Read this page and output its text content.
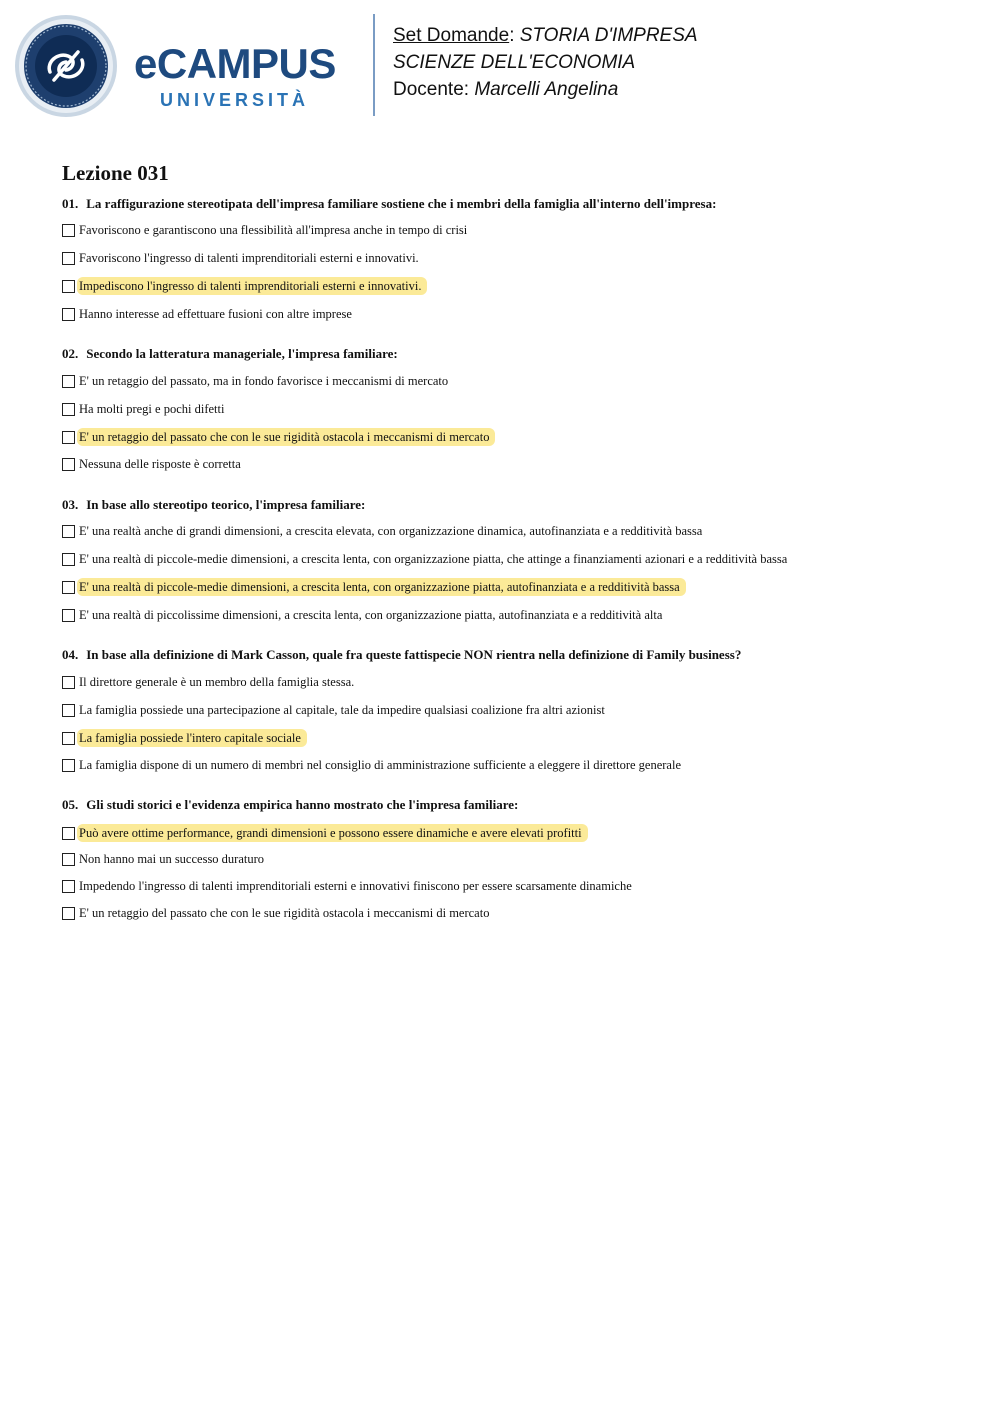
eCAMPUS
UNIVERSITÀ
Set Domande: STORIA D'IMPRESA
SCIENZE DELL'ECONOMIA
Docente: Marcelli Angelina
Lezione 031
01. La raffigurazione stereotipata dell'impresa familiare sostiene che i membri della famiglia all'interno dell'impresa:
Favoriscono e garantiscono una flessibilità all'impresa anche in tempo di crisi
Favoriscono l'ingresso di talenti imprenditoriali esterni e innovativi.
Impediscono l'ingresso di talenti imprenditoriali esterni e innovativi.
Hanno interesse ad effettuare fusioni con altre imprese
02. Secondo la latteratura manageriale, l'impresa familiare:
E' un retaggio del passato, ma in fondo favorisce i meccanismi di mercato
Ha molti pregi e pochi difetti
E' un retaggio del passato che con le sue rigidità ostacola i meccanismi di mercato
Nessuna delle risposte è corretta
03. In base allo stereotipo teorico, l'impresa familiare:
E' una realtà anche di grandi dimensioni, a crescita elevata, con organizzazione dinamica, autofinanziata e a redditività bassa
E' una realtà di piccole-medie dimensioni, a crescita lenta, con organizzazione piatta, che attinge a finanziamenti azionari e a redditività bassa
E' una realtà di piccole-medie dimensioni, a crescita lenta, con organizzazione piatta, autofinanziata e a redditività bassa
E' una realtà di piccolissime dimensioni, a crescita lenta, con organizzazione piatta, autofinanziata e a redditività alta
04. In base alla definizione di Mark Casson, quale fra queste fattispecie NON rientra nella definizione di Family business?
Il direttore generale è un membro della famiglia stessa.
La famiglia possiede una partecipazione al capitale, tale da impedire qualsiasi coalizione fra altri azionist
La famiglia possiede l'intero capitale sociale
La famiglia dispone di un numero di membri nel consiglio di amministrazione sufficiente a eleggere il direttore generale
05. Gli studi storici e l'evidenza empirica hanno mostrato che l'impresa familiare:
Può avere ottime performance, grandi dimensioni e possono essere dinamiche e avere elevati profitti
Non hanno mai un successo duraturo
Impedendo l'ingresso di talenti imprenditoriali esterni e innovativi finiscono per essere scarsamente dinamiche
E' un retaggio del passato che con le sue rigidità ostacola i meccanismi di mercato
